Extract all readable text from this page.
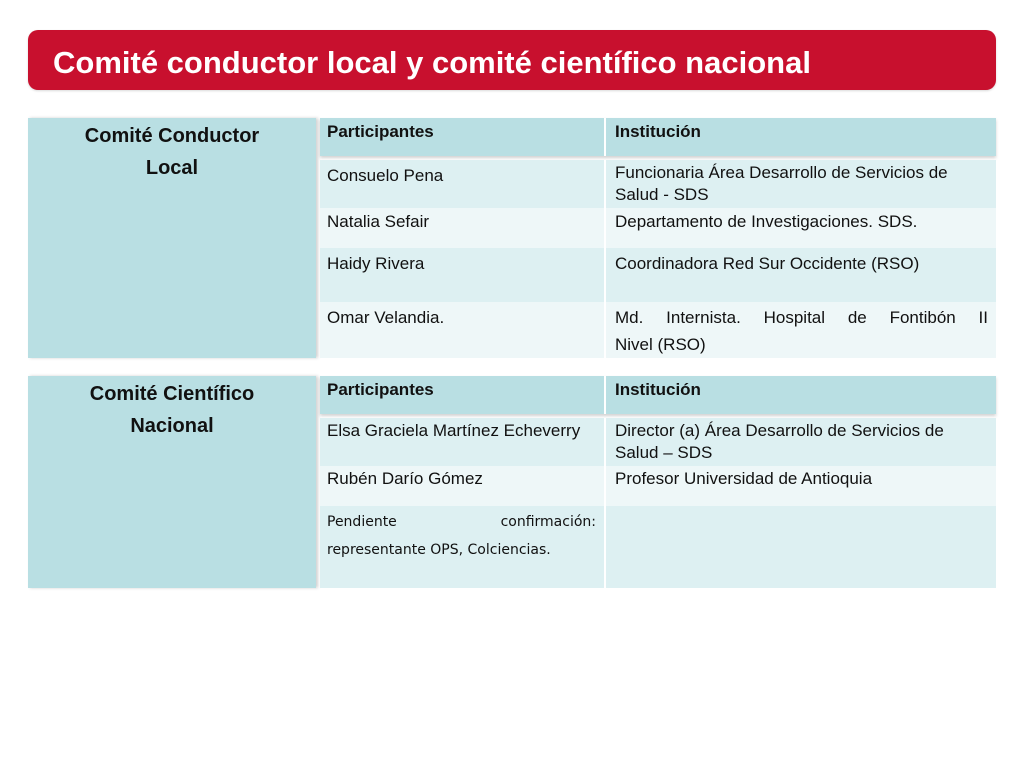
Comité conductor local y comité científico nacional
Comité Conductor
Local
Participantes	Institución
Consuelo Pena	Funcionaria Área Desarrollo de Servicios de Salud - SDS
Natalia Sefair	Departamento de Investigaciones. SDS.
Haidy Rivera	Coordinadora Red Sur Occidente (RSO)
Omar Velandia.	Md. Internista. Hospital de Fontibón II
Nivel (RSO)
Comité Científico
Nacional
Participantes	Institución
Elsa Graciela Martínez Echeverry	Director (a) Área Desarrollo de Servicios de Salud – SDS
Rubén Darío Gómez	Profesor Universidad de Antioquia
Pendiente confirmación:
representante OPS, Colciencias.
